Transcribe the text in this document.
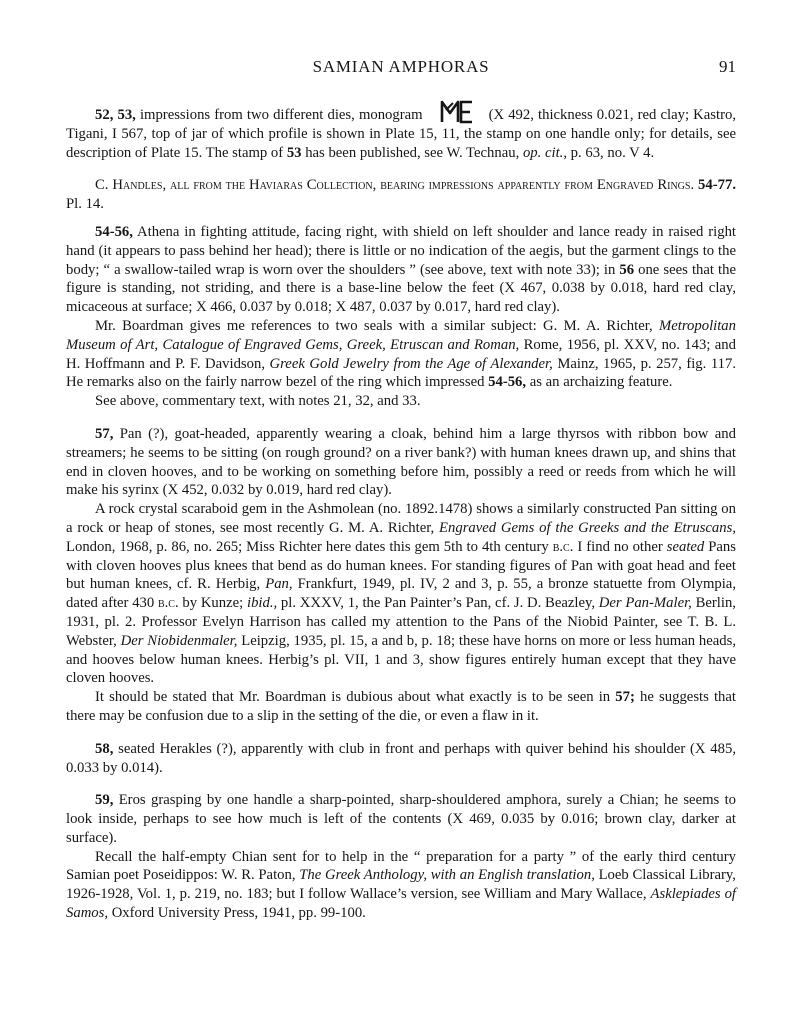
SAMIAN AMPHORAS	91

52, 53, impressions from two different dies, monogram	(X 492, thickness 0.021, red clay; Kastro, Tigani, I 567, top of jar of which profile is shown in Plate 15, 11, the stamp on one handle only; for details, see description of Plate 15. The stamp of 53 has been published, see W. Technau, op. cit., p. 63, no. V 4.

C. Handles, all from the Haviaras Collection, bearing impressions apparently from Engraved Rings. 54-77. Pl. 14.

54-56, Athena in fighting attitude, facing right, with shield on left shoulder and lance ready in raised right hand (it appears to pass behind her head); there is little or no indication of the aegis, but the garment clings to the body; “ a swallow-tailed wrap is worn over the shoulders ” (see above, text with note 33); in 56 one sees that the figure is standing, not striding, and there is a base-line below the feet (X 467, 0.038 by 0.018, hard red clay, micaceous at surface; X 466, 0.037 by 0.018; X 487, 0.037 by 0.017, hard red clay).

Mr. Boardman gives me references to two seals with a similar subject: G. M. A. Richter, Metropolitan Museum of Art, Catalogue of Engraved Gems, Greek, Etruscan and Roman, Rome, 1956, pl. XXV, no. 143; and H. Hoffmann and P. F. Davidson, Greek Gold Jewelry from the Age of Alexander, Mainz, 1965, p. 257, fig. 117. He remarks also on the fairly narrow bezel of the ring which impressed 54-56, as an archaizing feature.

See above, commentary text, with notes 21, 32, and 33.

57, Pan (?), goat-headed, apparently wearing a cloak, behind him a large thyrsos with ribbon bow and streamers; he seems to be sitting (on rough ground? on a river bank?) with human knees drawn up, and shins that end in cloven hooves, and to be working on something before him, possibly a reed or reeds from which he will make his syrinx (X 452, 0.032 by 0.019, hard red clay).

A rock crystal scaraboid gem in the Ashmolean (no. 1892.1478) shows a similarly constructed Pan sitting on a rock or heap of stones, see most recently G. M. A. Richter, Engraved Gems of the Greeks and the Etruscans, London, 1968, p. 86, no. 265; Miss Richter here dates this gem 5th to 4th century b.c. I find no other seated Pans with cloven hooves plus knees that bend as do human knees. For standing figures of Pan with goat head and feet but human knees, cf. R. Herbig, Pan, Frankfurt, 1949, pl. IV, 2 and 3, p. 55, a bronze statuette from Olympia, dated after 430 b.c. by Kunze; ibid., pl. XXXV, 1, the Pan Painter’s Pan, cf. J. D. Beazley, Der Pan-Maler, Berlin, 1931, pl. 2. Professor Evelyn Harrison has called my attention to the Pans of the Niobid Painter, see T. B. L. Webster, Der Niobidenmaler, Leipzig, 1935, pl. 15, a and b, p. 18; these have horns on more or less human heads, and hooves below human knees. Herbig’s pl. VII, 1 and 3, show figures entirely human except that they have cloven hooves.

It should be stated that Mr. Boardman is dubious about what exactly is to be seen in 57; he suggests that there may be confusion due to a slip in the setting of the die, or even a flaw in it.

58, seated Herakles (?), apparently with club in front and perhaps with quiver behind his shoulder (X 485, 0.033 by 0.014).

59, Eros grasping by one handle a sharp-pointed, sharp-shouldered amphora, surely a Chian; he seems to look inside, perhaps to see how much is left of the contents (X 469, 0.035 by 0.016; brown clay, darker at surface).

Recall the half-empty Chian sent for to help in the “ preparation for a party ” of the early third century Samian poet Poseidippos: W. R. Paton, The Greek Anthology, with an English translation, Loeb Classical Library, 1926-1928, Vol. 1, p. 219, no. 183; but I follow Wallace’s version, see William and Mary Wallace, Asklepiades of Samos, Oxford University Press, 1941, pp. 99-100.
